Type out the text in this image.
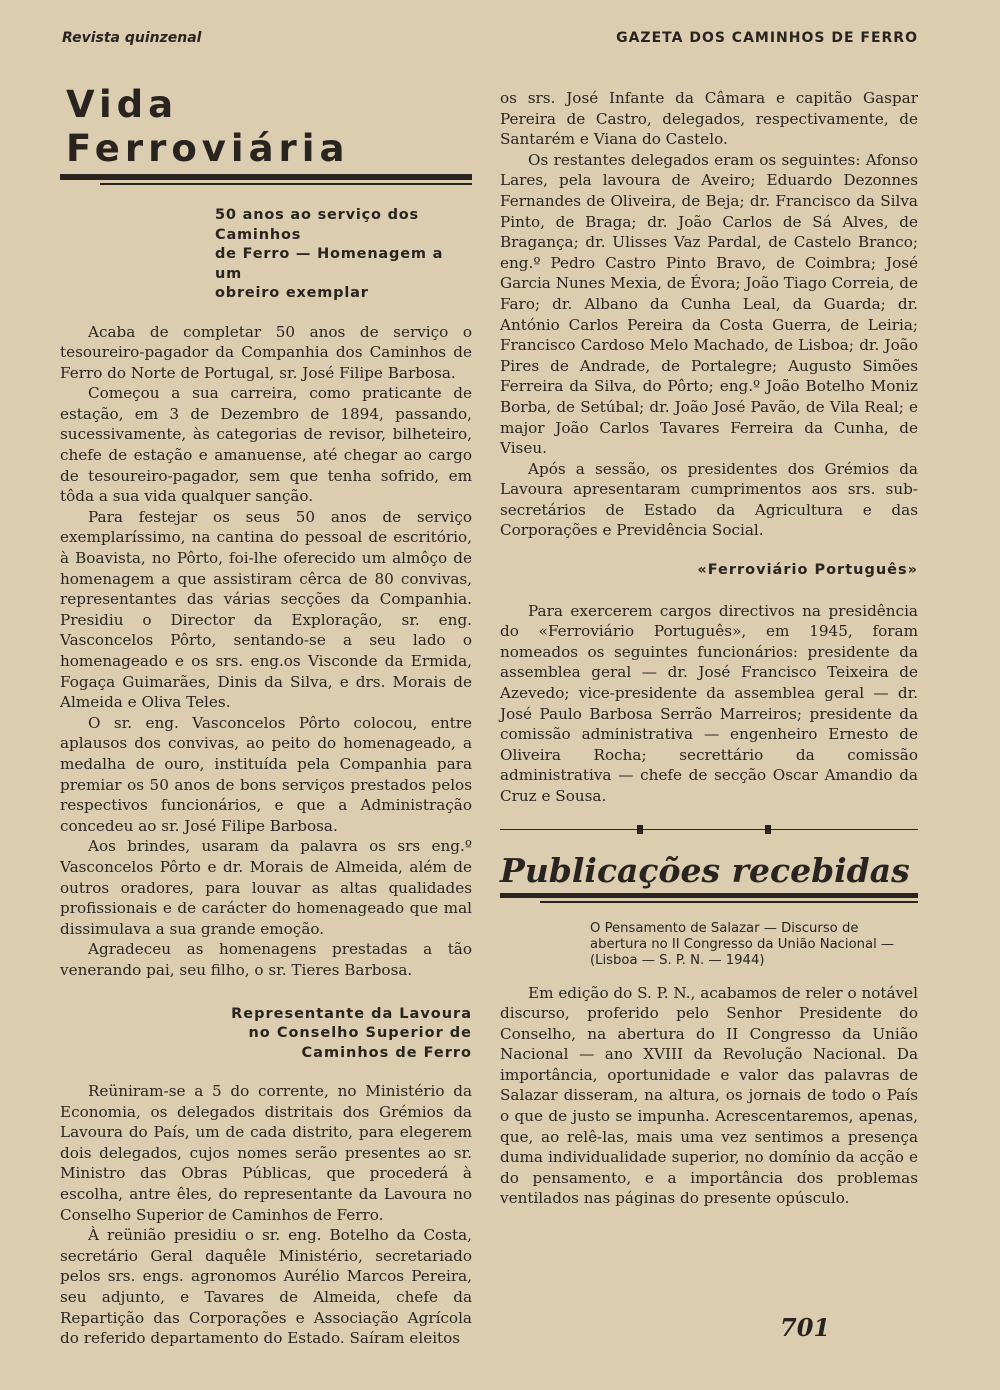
Revista quinzenal	GAZETA DOS CAMINHOS DE FERRO
Vida Ferroviária
50 anos ao serviço dos Caminhos
de Ferro — Homenagem a um
obreiro exemplar

Acaba de completar 50 anos de serviço o tesoureiro-pagador da Companhia dos Caminhos de Ferro do Norte de Portugal, sr. José Filipe Barbosa.

Começou a sua carreira, como praticante de estação, em 3 de Dezembro de 1894, passando, sucessivamente, às categorias de revisor, bilheteiro, chefe de estação e amanuense, até chegar ao cargo de tesoureiro-pagador, sem que tenha sofrido, em tôda a sua vida qualquer sanção.

Para festejar os seus 50 anos de serviço exemplaríssimo, na cantina do pessoal de escritório, à Boavista, no Pôrto, foi-lhe oferecido um almôço de homenagem a que assistiram cêrca de 80 convivas, representantes das várias secções da Companhia. Presidiu o Director da Exploração, sr. eng. Vasconcelos Pôrto, sentando-se a seu lado o homenageado e os srs. eng.os Visconde da Ermida, Fogaça Guimarães, Dinis da Silva, e drs. Morais de Almeida e Oliva Teles.

O sr. eng. Vasconcelos Pôrto colocou, entre aplausos dos convivas, ao peito do homenageado, a medalha de ouro, instituída pela Companhia para premiar os 50 anos de bons serviços prestados pelos respectivos funcionários, e que a Administração concedeu ao sr. José Filipe Barbosa.

Aos brindes, usaram da palavra os srs eng.º Vasconcelos Pôrto e dr. Morais de Almeida, além de outros oradores, para louvar as altas qualidades profissionais e de carácter do homenageado que mal dissimulava a sua grande emoção.

Agradeceu as homenagens prestadas a tão venerando pai, seu filho, o sr. Tieres Barbosa.

Representante da Lavoura
no Conselho Superior de
Caminhos de Ferro

Reüniram-se a 5 do corrente, no Ministério da Economia, os delegados distritais dos Grémios da Lavoura do País, um de cada distrito, para elegerem dois delegados, cujos nomes serão presentes ao sr. Ministro das Obras Públicas, que procederá à escolha, antre êles, do representante da Lavoura no Conselho Superior de Caminhos de Ferro.

À reünião presidiu o sr. eng. Botelho da Costa, secretário Geral daquêle Ministério, secretariado pelos srs. engs. agronomos Aurélio Marcos Pereira, seu adjunto, e Tavares de Almeida, chefe da Repartição das Corporações e Associação Agrícola do referido departamento do Estado. Saíram eleitos

os srs. José Infante da Câmara e capitão Gaspar Pereira de Castro, delegados, respectivamente, de Santarém e Viana do Castelo.

Os restantes delegados eram os seguintes: Afonso Lares, pela lavoura de Aveiro; Eduardo Dezonnes Fernandes de Oliveira, de Beja; dr. Francisco da Silva Pinto, de Braga; dr. João Carlos de Sá Alves, de Bragança; dr. Ulisses Vaz Pardal, de Castelo Branco; eng.º Pedro Castro Pinto Bravo, de Coimbra; José Garcia Nunes Mexia, de Évora; João Tiago Correia, de Faro; dr. Albano da Cunha Leal, da Guarda; dr. António Carlos Pereira da Costa Guerra, de Leiria; Francisco Cardoso Melo Machado, de Lisboa; dr. João Pires de Andrade, de Portalegre; Augusto Simões Ferreira da Silva, do Pôrto; eng.º João Botelho Moniz Borba, de Setúbal; dr. João José Pavão, de Vila Real; e major João Carlos Tavares Ferreira da Cunha, de Viseu.

Após a sessão, os presidentes dos Grémios da Lavoura apresentaram cumprimentos aos srs. sub-secretários de Estado da Agricultura e das Corporações e Previdência Social.

«Ferroviário Português»

Para exercerem cargos directivos na presidência do «Ferroviário Português», em 1945, foram nomeados os seguintes funcionários: presidente da assemblea geral — dr. José Francisco Teixeira de Azevedo; vice-presidente da assemblea geral — dr. José Paulo Barbosa Serrão Marreiros; presidente da comissão administrativa — engenheiro Ernesto de Oliveira Rocha; secrettário da comissão administrativa — chefe de secção Oscar Amandio da Cruz e Sousa.

Publicações recebidas
O Pensamento de Salazar — Discurso de abertura no II Congresso da União Nacional — (Lisboa — S. P. N. — 1944)

Em edição do S. P. N., acabamos de reler o notável discurso, proferido pelo Senhor Presidente do Conselho, na abertura do II Congresso da União Nacional — ano XVIII da Revolução Nacional. Da importância, oportunidade e valor das palavras de Salazar disseram, na altura, os jornais de todo o País o que de justo se impunha. Acrescentaremos, apenas, que, ao relê-las, mais uma vez sentimos a presença duma individualidade superior, no domínio da acção e do pensamento, e a importância dos problemas ventilados nas páginas do presente opúsculo.

701
